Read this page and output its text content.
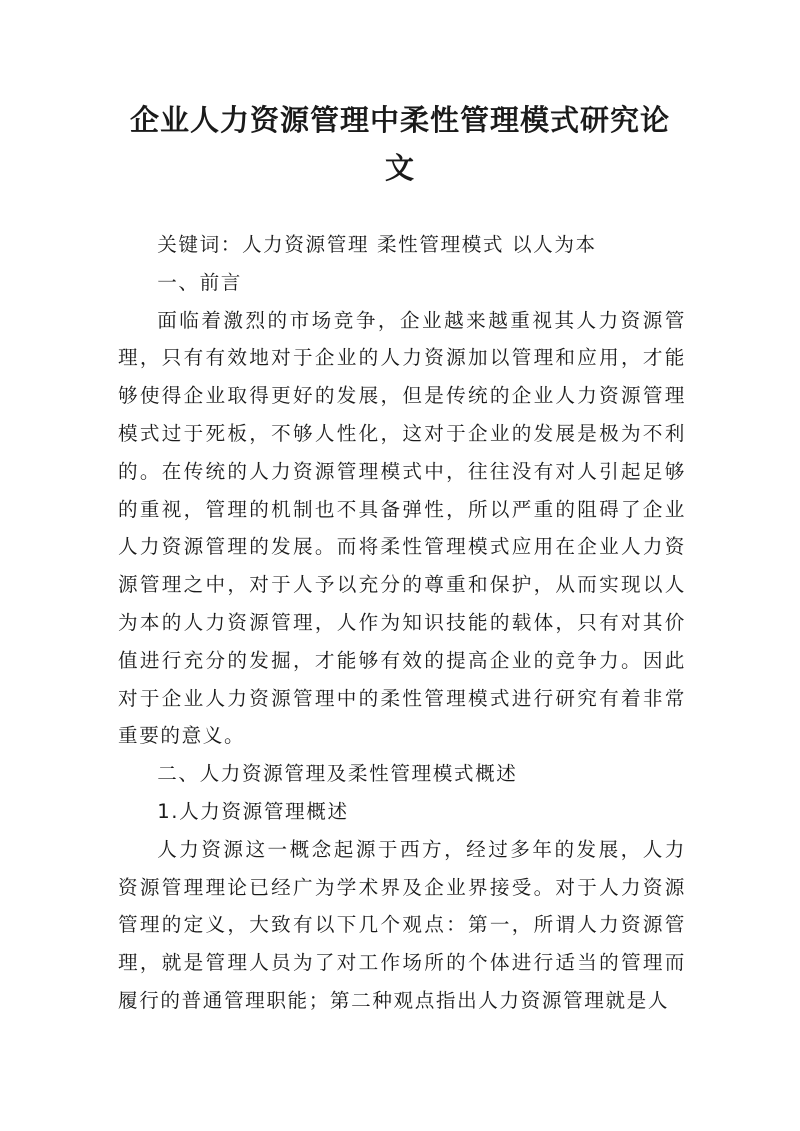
企业人力资源管理中柔性管理模式研究论文

关键词：人力资源管理 柔性管理模式 以人为本

一、前言

面临着激烈的市场竞争，企业越来越重视其人力资源管理，只有有效地对于企业的人力资源加以管理和应用，才能够使得企业取得更好的发展，但是传统的企业人力资源管理模式过于死板，不够人性化，这对于企业的发展是极为不利的。在传统的人力资源管理模式中，往往没有对人引起足够的重视，管理的机制也不具备弹性，所以严重的阻碍了企业人力资源管理的发展。而将柔性管理模式应用在企业人力资源管理之中，对于人予以充分的尊重和保护，从而实现以人为本的人力资源管理，人作为知识技能的载体，只有对其价值进行充分的发掘，才能够有效的提高企业的竞争力。因此对于企业人力资源管理中的柔性管理模式进行研究有着非常重要的意义。

二、人力资源管理及柔性管理模式概述

1.人力资源管理概述

人力资源这一概念起源于西方，经过多年的发展，人力资源管理理论已经广为学术界及企业界接受。对于人力资源管理的定义，大致有以下几个观点：第一，所谓人力资源管理，就是管理人员为了对工作场所的个体进行适当的管理而履行的普通管理职能；第二种观点指出人力资源管理就是人
